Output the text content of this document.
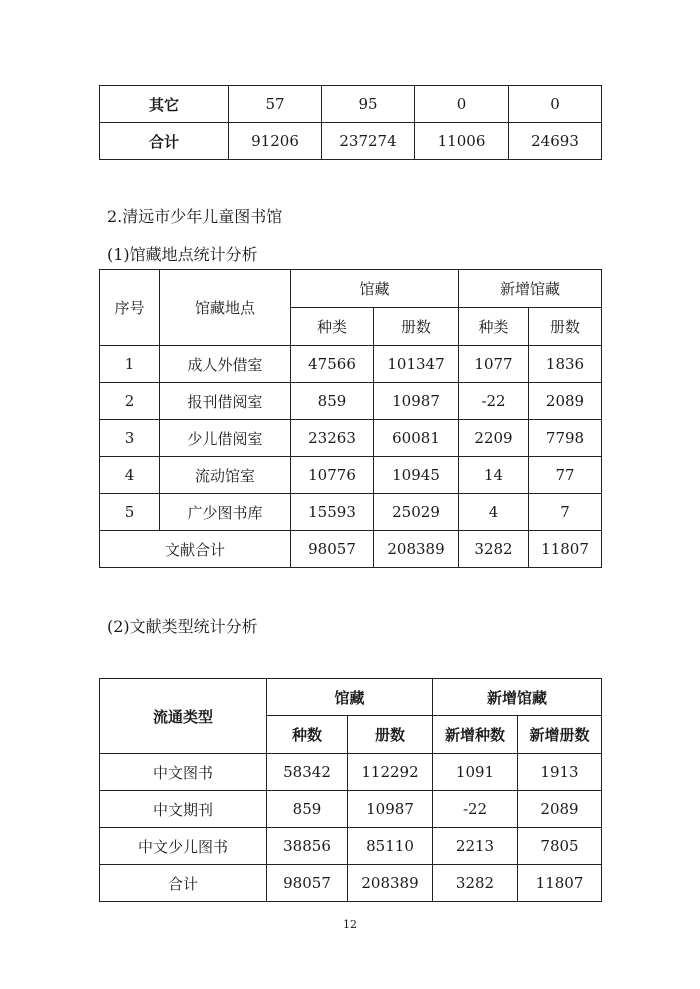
其它	57	95	0	0
合计	91206	237274	11006	24693
2.清远市少年儿童图书馆
(1)馆藏地点统计分析
序号	馆藏地点	馆藏		新增馆藏	
		种类	册数	种类	册数
1	成人外借室	47566	101347	1077	1836
2	报刊借阅室	859	10987	-22	2089
3	少儿借阅室	23263	60081	2209	7798
4	流动馆室	10776	10945	14	77
5	广少图书库	15593	25029	4	7
文献合计		98057	208389	3282	11807
(2)文献类型统计分析
流通类型	馆藏		新增馆藏	
	种数	册数	新增种数	新增册数
中文图书	58342	112292	1091	1913
中文期刊	859	10987	-22	2089
中文少儿图书	38856	85110	2213	7805
合计	98057	208389	3282	11807
12
